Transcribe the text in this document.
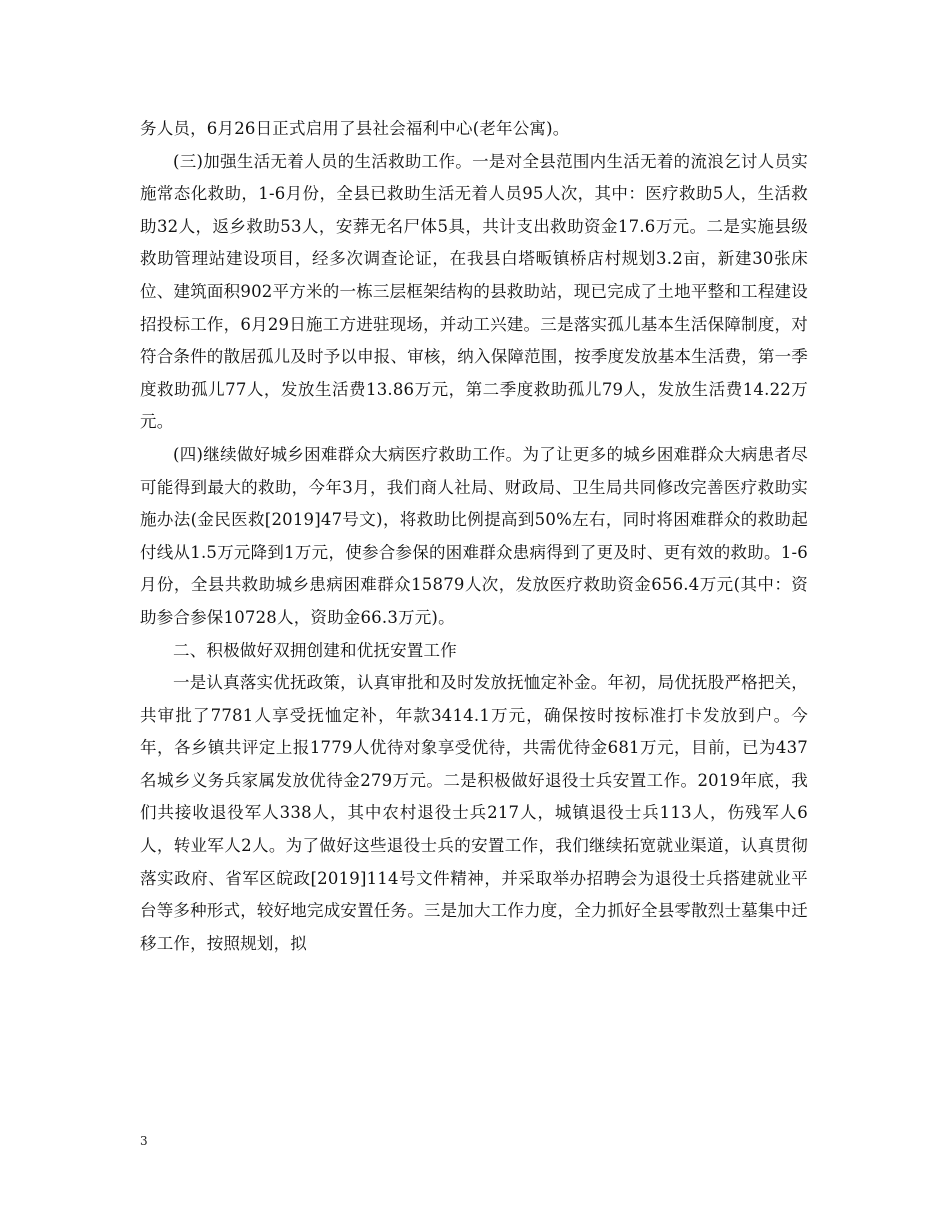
务人员，6月26日正式启用了县社会福利中心(老年公寓)。

(三)加强生活无着人员的生活救助工作。一是对全县范围内生活无着的流浪乞讨人员实施常态化救助，1-6月份，全县已救助生活无着人员95人次，其中：医疗救助5人，生活救助32人，返乡救助53人，安葬无名尸体5具，共计支出救助资金17.6万元。二是实施县级救助管理站建设项目，经多次调查论证，在我县白塔畈镇桥店村规划3.2亩，新建30张床位、建筑面积902平方米的一栋三层框架结构的县救助站，现已完成了土地平整和工程建设招投标工作，6月29日施工方进驻现场，并动工兴建。三是落实孤儿基本生活保障制度，对符合条件的散居孤儿及时予以申报、审核，纳入保障范围，按季度发放基本生活费，第一季度救助孤儿77人，发放生活费13.86万元，第二季度救助孤儿79人，发放生活费14.22万元。

(四)继续做好城乡困难群众大病医疗救助工作。为了让更多的城乡困难群众大病患者尽可能得到最大的救助，今年3月，我们商人社局、财政局、卫生局共同修改完善医疗救助实施办法(金民医救[2019]47号文)，将救助比例提高到50%左右，同时将困难群众的救助起付线从1.5万元降到1万元，使参合参保的困难群众患病得到了更及时、更有效的救助。1-6月份，全县共救助城乡患病困难群众15879人次，发放医疗救助资金656.4万元(其中：资助参合参保10728人，资助金66.3万元)。

二、积极做好双拥创建和优抚安置工作

一是认真落实优抚政策，认真审批和及时发放抚恤定补金。年初，局优抚股严格把关，共审批了7781人享受抚恤定补，年款3414.1万元，确保按时按标准打卡发放到户。今年，各乡镇共评定上报1779人优待对象享受优待，共需优待金681万元，目前，已为437名城乡义务兵家属发放优待金279万元。二是积极做好退役士兵安置工作。2019年底，我们共接收退役军人338人，其中农村退役士兵217人，城镇退役士兵113人，伤残军人6人，转业军人2人。为了做好这些退役士兵的安置工作，我们继续拓宽就业渠道，认真贯彻落实政府、省军区皖政[2019]114号文件精神，并采取举办招聘会为退役士兵搭建就业平台等多种形式，较好地完成安置任务。三是加大工作力度，全力抓好全县零散烈士墓集中迁移工作，按照规划，拟

3
